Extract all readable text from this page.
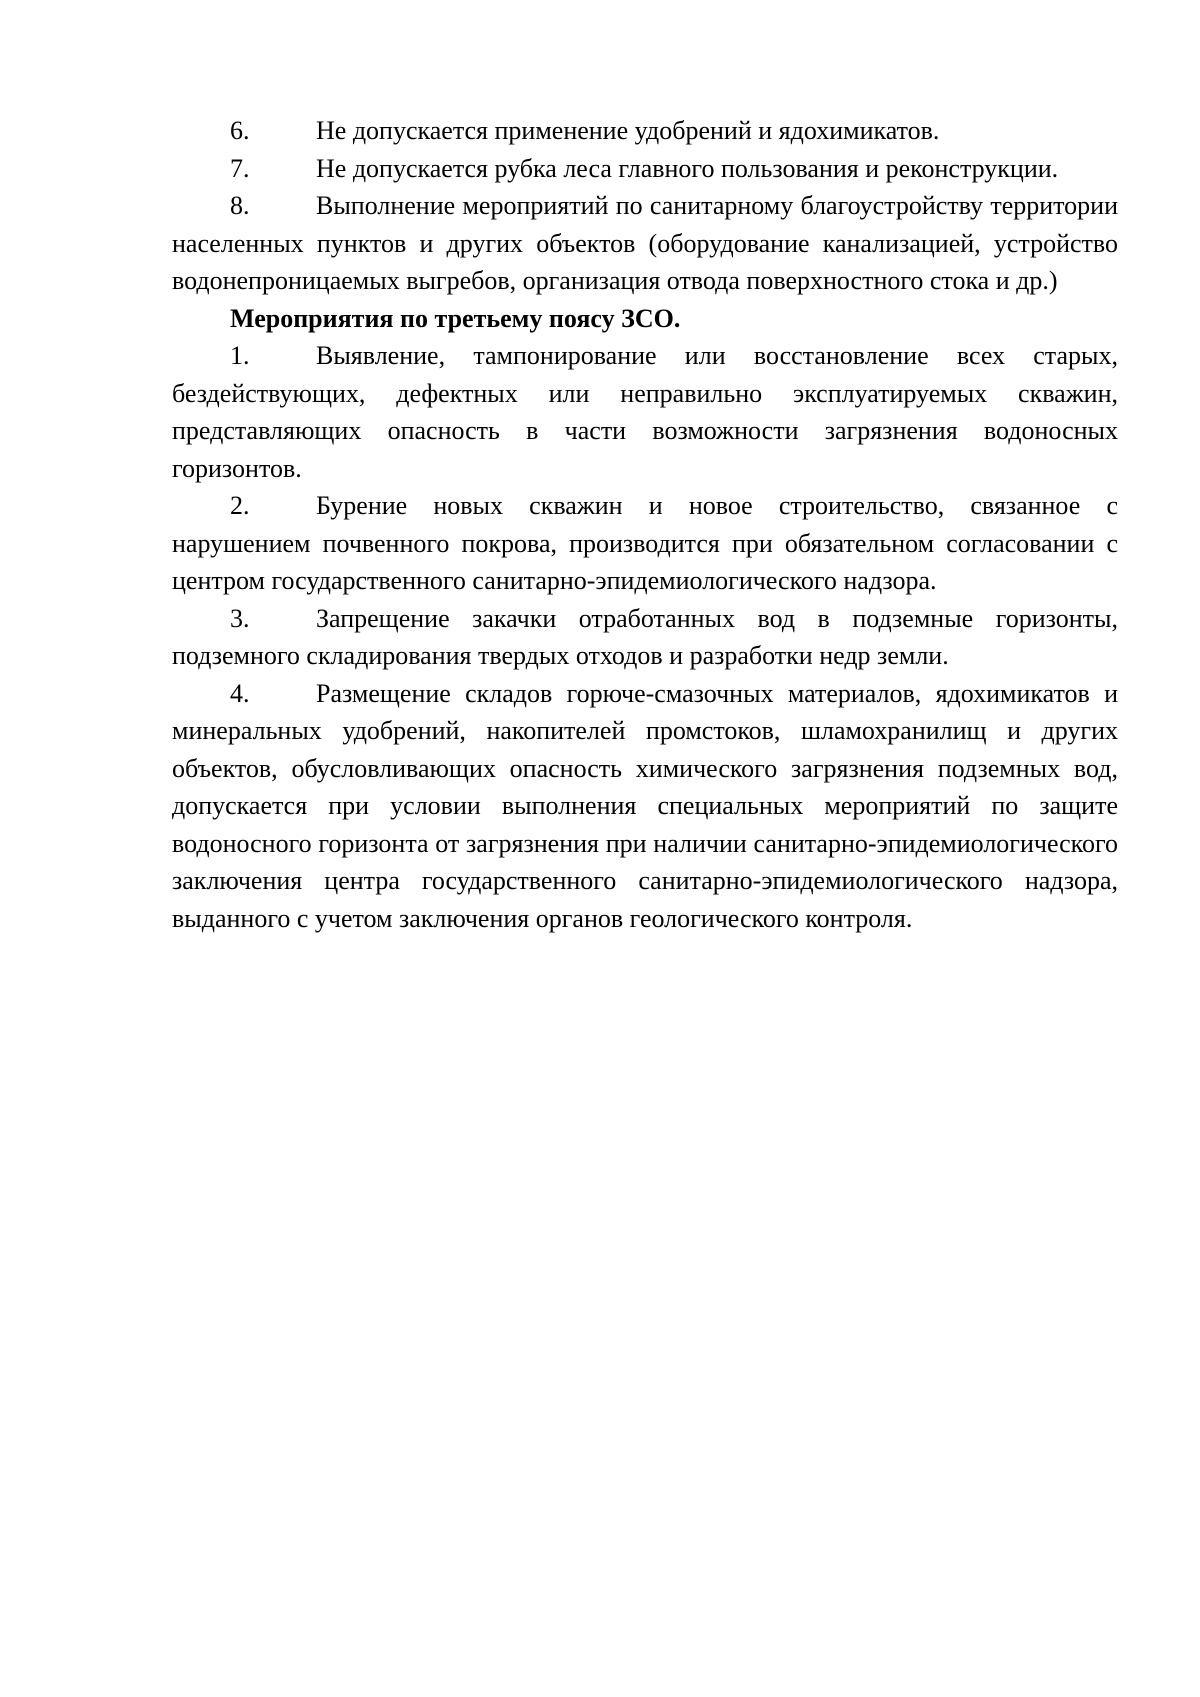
6.	Не допускается применение удобрений и ядохимикатов.

7.	Не допускается рубка леса главного пользования и реконструкции.

8.	Выполнение мероприятий по санитарному благоустройству территории населенных пунктов и других объектов (оборудование канализацией, устройство водонепроницаемых выгребов, организация отвода поверхностного стока и др.)

Мероприятия по третьему поясу ЗСО.

1.	Выявление, тампонирование или восстановление всех старых, бездействующих, дефектных или неправильно эксплуатируемых скважин, представляющих опасность в части возможности загрязнения водоносных горизонтов.

2.	Бурение новых скважин и новое строительство, связанное с нарушением почвенного покрова, производится при обязательном согласовании с центром государственного санитарно-эпидемиологического надзора.

3.	Запрещение закачки отработанных вод в подземные горизонты, подземного складирования твердых отходов и разработки недр земли.

4.	Размещение складов горюче-смазочных материалов, ядохимикатов и минеральных удобрений, накопителей промстоков, шламохранилищ и других объектов, обусловливающих опасность химического загрязнения подземных вод, допускается при условии выполнения специальных мероприятий по защите водоносного горизонта от загрязнения при наличии санитарно-эпидемиологического заключения центра государственного санитарно-эпидемиологического надзора, выданного с учетом заключения органов геологического контроля.
